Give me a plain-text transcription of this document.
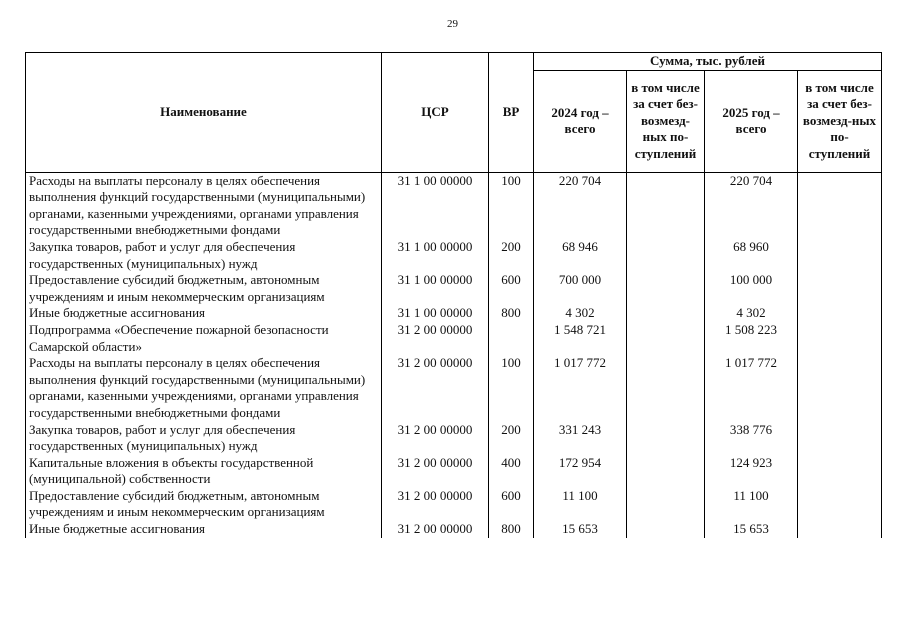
29
Наименование	ЦСР	ВР	Сумма, тыс. рублей			
			2024 год – всего	в том числе за счет без-возмезд-ных по-ступлений	2025 год – всего	в том числе за счет без-возмезд-ных по-ступлений
Расходы на выплаты персоналу в целях обеспечения выполнения функций государственными (муниципальными) органами, казенными учреждениями, органами управления государственными внебюджетными фондами	31 1 00 00000	100	220 704		220 704	
Закупка товаров, работ и услуг для обеспечения государственных (муниципальных) нужд	31 1 00 00000	200	68 946		68 960	
Предоставление субсидий бюджетным, автономным учреждениям и иным некоммерческим организациям	31 1 00 00000	600	700 000		100 000	
Иные бюджетные ассигнования	31 1 00 00000	800	4 302		4 302	
Подпрограмма «Обеспечение пожарной безопасности Самарской области»	31 2 00 00000		1 548 721		1 508 223	
Расходы на выплаты персоналу в целях обеспечения выполнения функций государственными (муниципальными) органами, казенными учреждениями, органами управления государственными внебюджетными фондами	31 2 00 00000	100	1 017 772		1 017 772	
Закупка товаров, работ и услуг для обеспечения государственных (муниципальных) нужд	31 2 00 00000	200	331 243		338 776	
Капитальные вложения в объекты государственной (муниципальной) собственности	31 2 00 00000	400	172 954		124 923	
Предоставление субсидий бюджетным, автономным учреждениям и иным некоммерческим организациям	31 2 00 00000	600	11 100		11 100	
Иные бюджетные ассигнования	31 2 00 00000	800	15 653		15 653	
